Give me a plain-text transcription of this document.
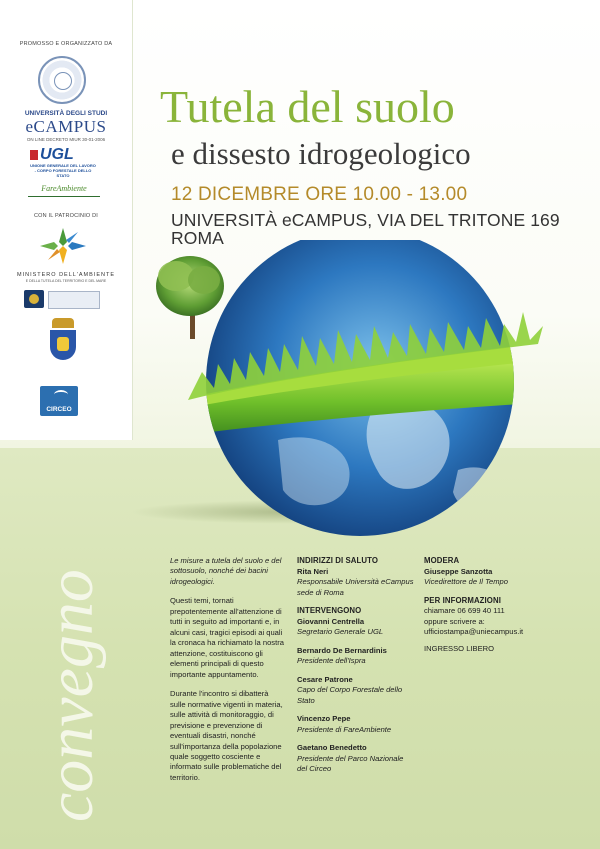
convegno
PROMOSSO E ORGANIZZATO DA
UNIVERSITÀ DEGLI STUDI
eCAMPUS
ON LINE DECRETO MIUR 30-01-2006
UGL
UNIONE GENERALE DEL LAVORO - CORPO FORESTALE DELLO STATO
FareAmbiente
CON IL PATROCINIO DI
MINISTERO DELL'AMBIENTE
E DELLA TUTELA DEL TERRITORIO E DEL MARE
CIRCEO
Tutela del suolo
e dissesto idrogeologico
12 DICEMBRE ORE 10.00 - 13.00
UNIVERSITÀ eCAMPUS, VIA DEL TRITONE 169 ROMA

Le misure a tutela del suolo e del sottosuolo, nonché dei bacini idrogeologici.

Questi temi, tornati prepotentemente all'attenzione di tutti in seguito ad importanti e, in alcuni casi, tragici episodi ai quali la cronaca ha richiamato la nostra attenzione, costituiscono gli elementi principali di questo importante appuntamento.

Durante l'incontro si dibatterà sulle normative vigenti in materia, sulle attività di monitoraggio, di previsione e prevenzione di eventuali disastri, nonché sull'importanza della popolazione quale soggetto cosciente e informato sulle problematiche del territorio.

INDIRIZZI DI SALUTO

Rita Neri

Responsabile Università eCampus sede di Roma

INTERVENGONO

Giovanni Centrella

Segretario Generale UGL

Bernardo De Bernardinis

Presidente dell'Ispra

Cesare Patrone

Capo del Corpo Forestale dello Stato

Vincenzo Pepe

Presidente di FareAmbiente

Gaetano Benedetto

Presidente del Parco Nazionale del Circeo

MODERA

Giuseppe Sanzotta

Vicedirettore de Il Tempo

PER INFORMAZIONI

chiamare 06 699 40 111

oppure scrivere a:

ufficiostampa@uniecampus.it

INGRESSO LIBERO
